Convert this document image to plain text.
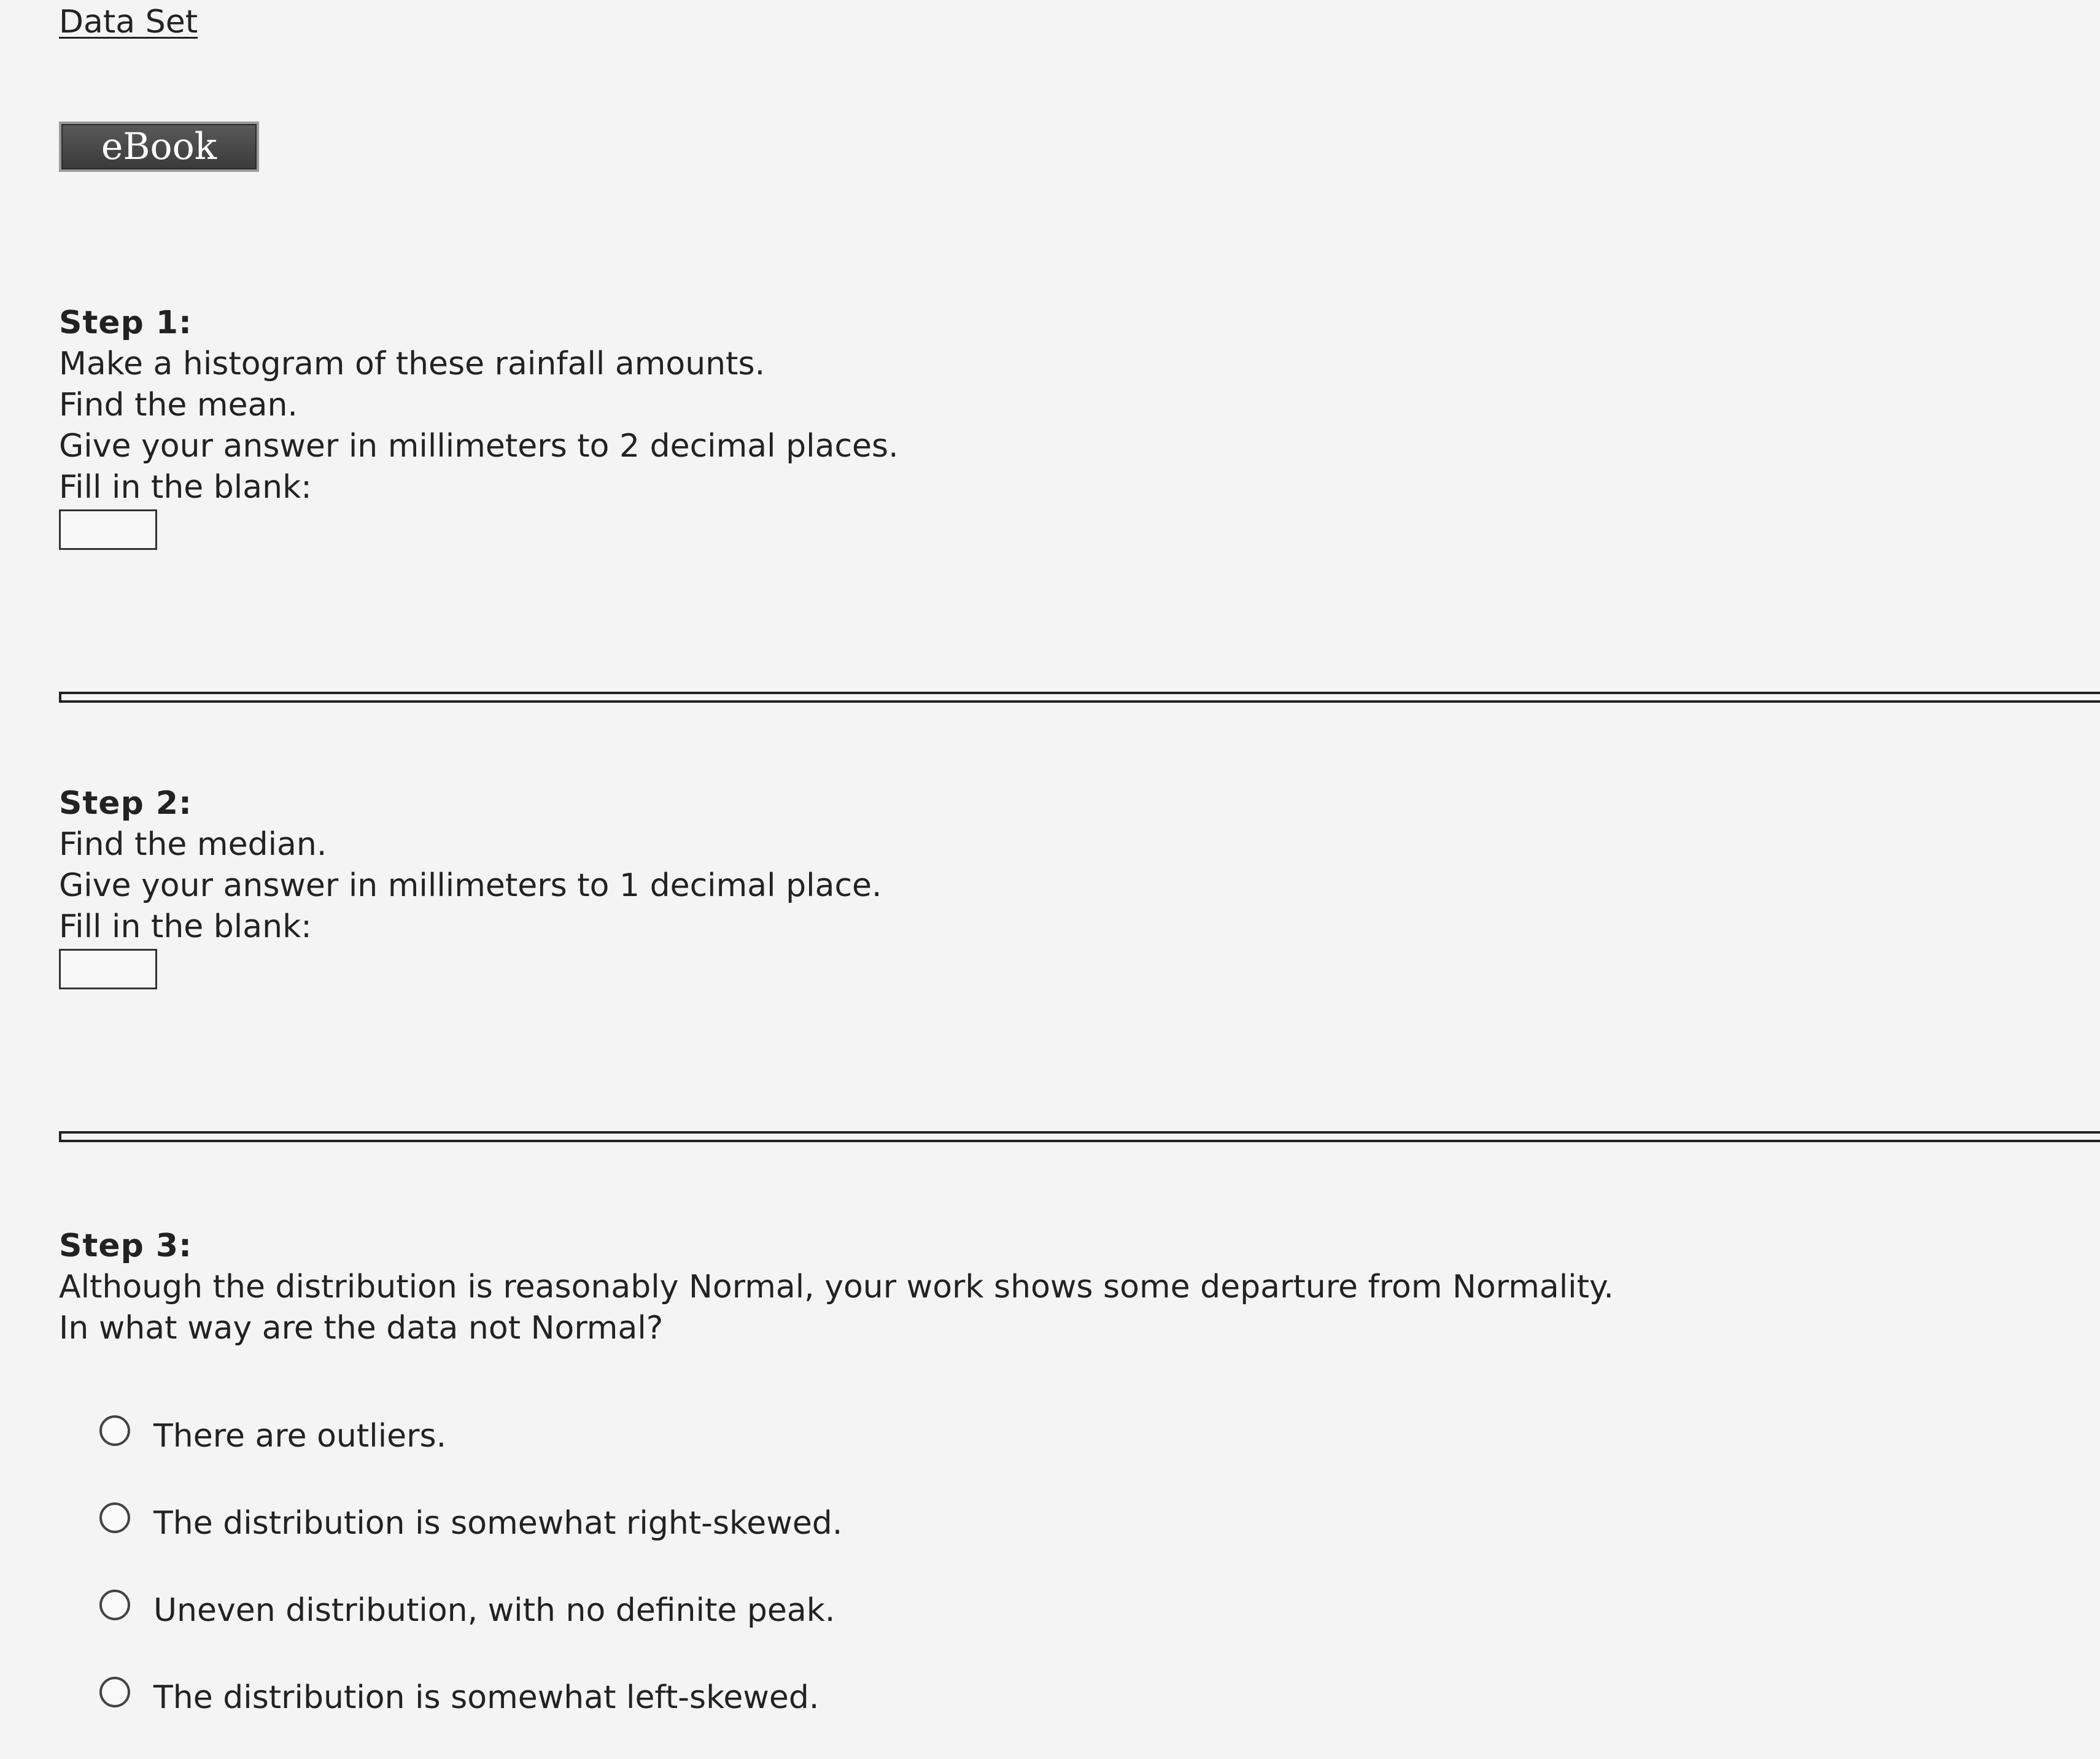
Data Set
eBook
Step 1:
Make a histogram of these rainfall amounts.
Find the mean.
Give your answer in millimeters to 2 decimal places.
Fill in the blank:
Step 2:
Find the median.
Give your answer in millimeters to 1 decimal place.
Fill in the blank:
Step 3:
Although the distribution is reasonably Normal, your work shows some departure from Normality.
In what way are the data not Normal?
There are outliers.
The distribution is somewhat right-skewed.
Uneven distribution, with no definite peak.
The distribution is somewhat left-skewed.
